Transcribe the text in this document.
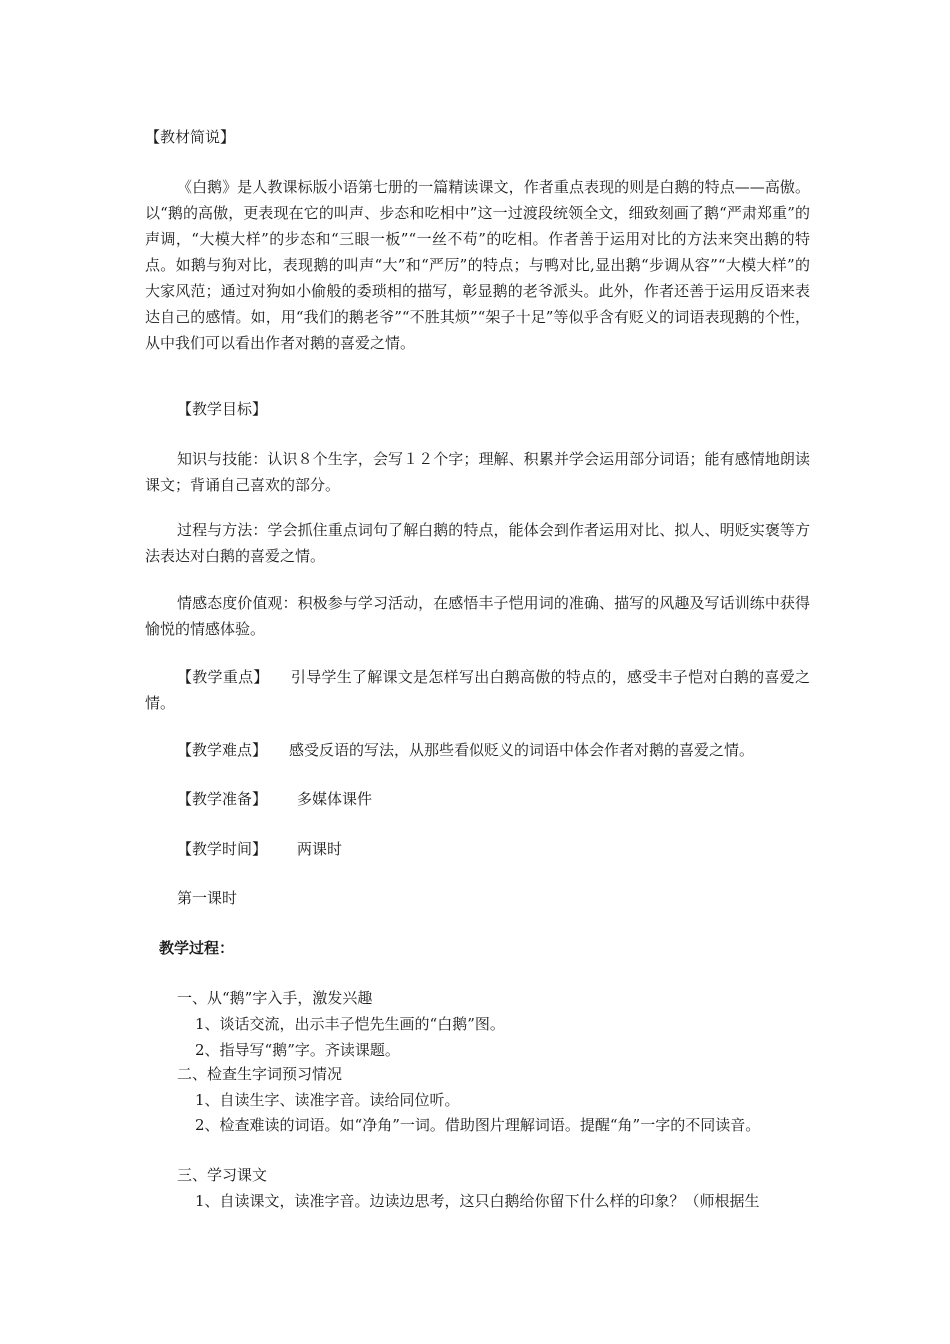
【教材简说】

《白鹅》是人教课标版小语第七册的一篇精读课文，作者重点表现的则是白鹅的特点——高傲。以“鹅的高傲，更表现在它的叫声、步态和吃相中”这一过渡段统领全文，细致刻画了鹅“严肃郑重”的声调，“大模大样”的步态和“三眼一板”“一丝不苟”的吃相。作者善于运用对比的方法来突出鹅的特点。如鹅与狗对比，表现鹅的叫声“大”和“严厉”的特点；与鸭对比,显出鹅“步调从容”“大模大样”的大家风范；通过对狗如小偷般的委琐相的描写，彰显鹅的老爷派头。此外，作者还善于运用反语来表达自己的感情。如，用“我们的鹅老爷”“不胜其烦”“架子十足”等似乎含有贬义的词语表现鹅的个性，从中我们可以看出作者对鹅的喜爱之情。

【教学目标】

知识与技能：认识８个生字，会写１２个字；理解、积累并学会运用部分词语；能有感情地朗读课文；背诵自己喜欢的部分。

过程与方法：学会抓住重点词句了解白鹅的特点，能体会到作者运用对比、拟人、明贬实褒等方法表达对白鹅的喜爱之情。

情感态度价值观：积极参与学习活动，在感悟丰子恺用词的准确、描写的风趣及写话训练中获得愉悦的情感体验。

【教学重点】 引导学生了解课文是怎样写出白鹅高傲的特点的，感受丰子恺对白鹅的喜爱之情。

【教学难点】 感受反语的写法，从那些看似贬义的词语中体会作者对鹅的喜爱之情。

【教学准备】 多媒体课件

【教学时间】 两课时

第一课时

教学过程：

一、从“鹅”字入手，激发兴趣

1、谈话交流，出示丰子恺先生画的“白鹅”图。

2、指导写“鹅”字。齐读课题。

二、检查生字词预习情况

1、自读生字、读准字音。读给同位听。

2、检查难读的词语。如“净角”一词。借助图片理解词语。提醒“角”一字的不同读音。

三、学习课文

1、自读课文，读准字音。边读边思考，这只白鹅给你留下什么样的印象？（师根据生
